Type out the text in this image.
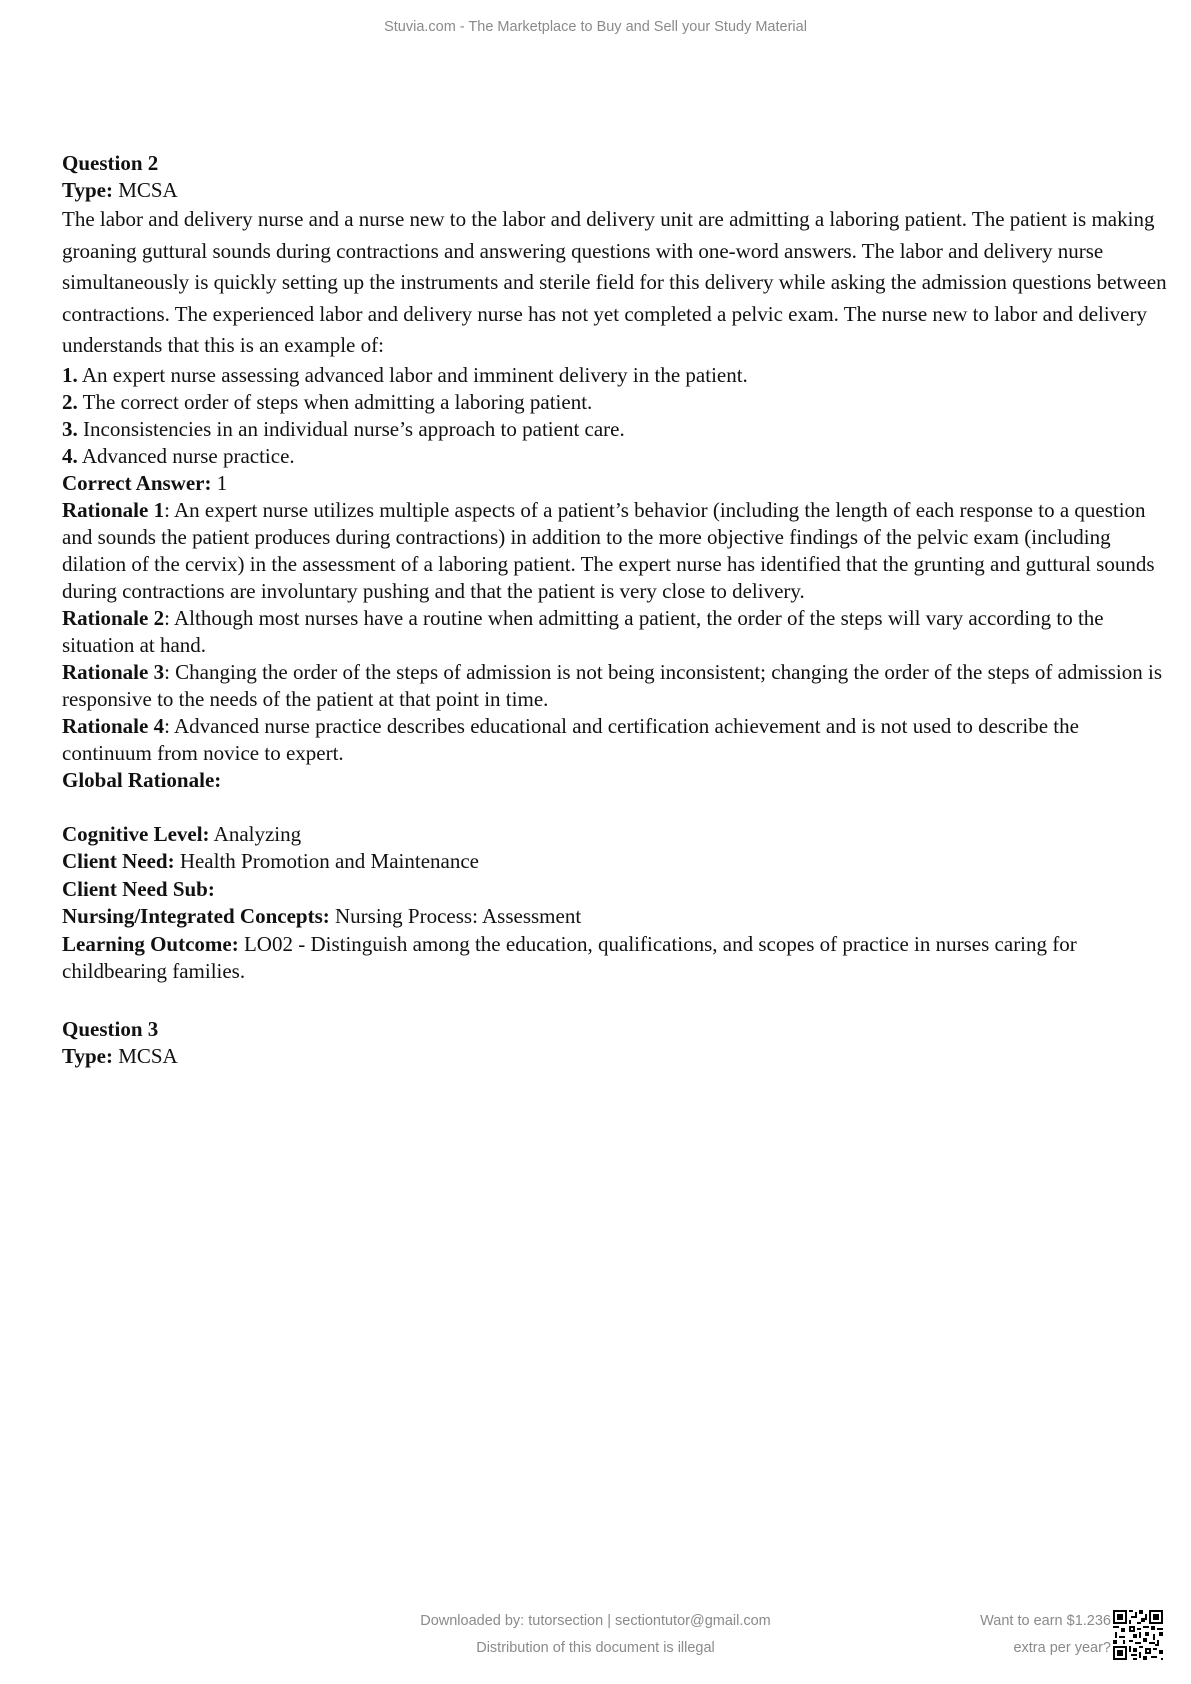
Stuvia.com - The Marketplace to Buy and Sell your Study Material

Question 2

Type: MCSA

The labor and delivery nurse and a nurse new to the labor and delivery unit are admitting a laboring patient. The patient is making groaning guttural sounds during contractions and answering questions with one-word answers. The labor and delivery nurse simultaneously is quickly setting up the instruments and sterile field for this delivery while asking the admission questions between contractions. The experienced labor and delivery nurse has not yet completed a pelvic exam. The nurse new to labor and delivery understands that this is an example of:

1. An expert nurse assessing advanced labor and imminent delivery in the patient.

2. The correct order of steps when admitting a laboring patient.

3. Inconsistencies in an individual nurse’s approach to patient care.

4. Advanced nurse practice.

Correct Answer: 1

Rationale 1: An expert nurse utilizes multiple aspects of a patient’s behavior (including the length of each response to a question and sounds the patient produces during contractions) in addition to the more objective findings of the pelvic exam (including dilation of the cervix) in the assessment of a laboring patient. The expert nurse has identified that the grunting and guttural sounds during contractions are involuntary pushing and that the patient is very close to delivery.

Rationale 2: Although most nurses have a routine when admitting a patient, the order of the steps will vary according to the situation at hand.

Rationale 3: Changing the order of the steps of admission is not being inconsistent; changing the order of the steps of admission is responsive to the needs of the patient at that point in time.

Rationale 4: Advanced nurse practice describes educational and certification achievement and is not used to describe the continuum from novice to expert.

Global Rationale:

Cognitive Level: Analyzing

Client Need: Health Promotion and Maintenance

Client Need Sub:

Nursing/Integrated Concepts: Nursing Process: Assessment

Learning Outcome: LO02 - Distinguish among the education, qualifications, and scopes of practice in nurses caring for childbearing families.

Question 3

Type: MCSA

Downloaded by: tutorsection | sectiontutor@gmail.com
Distribution of this document is illegal
Want to earn $1.236
extra per year?
